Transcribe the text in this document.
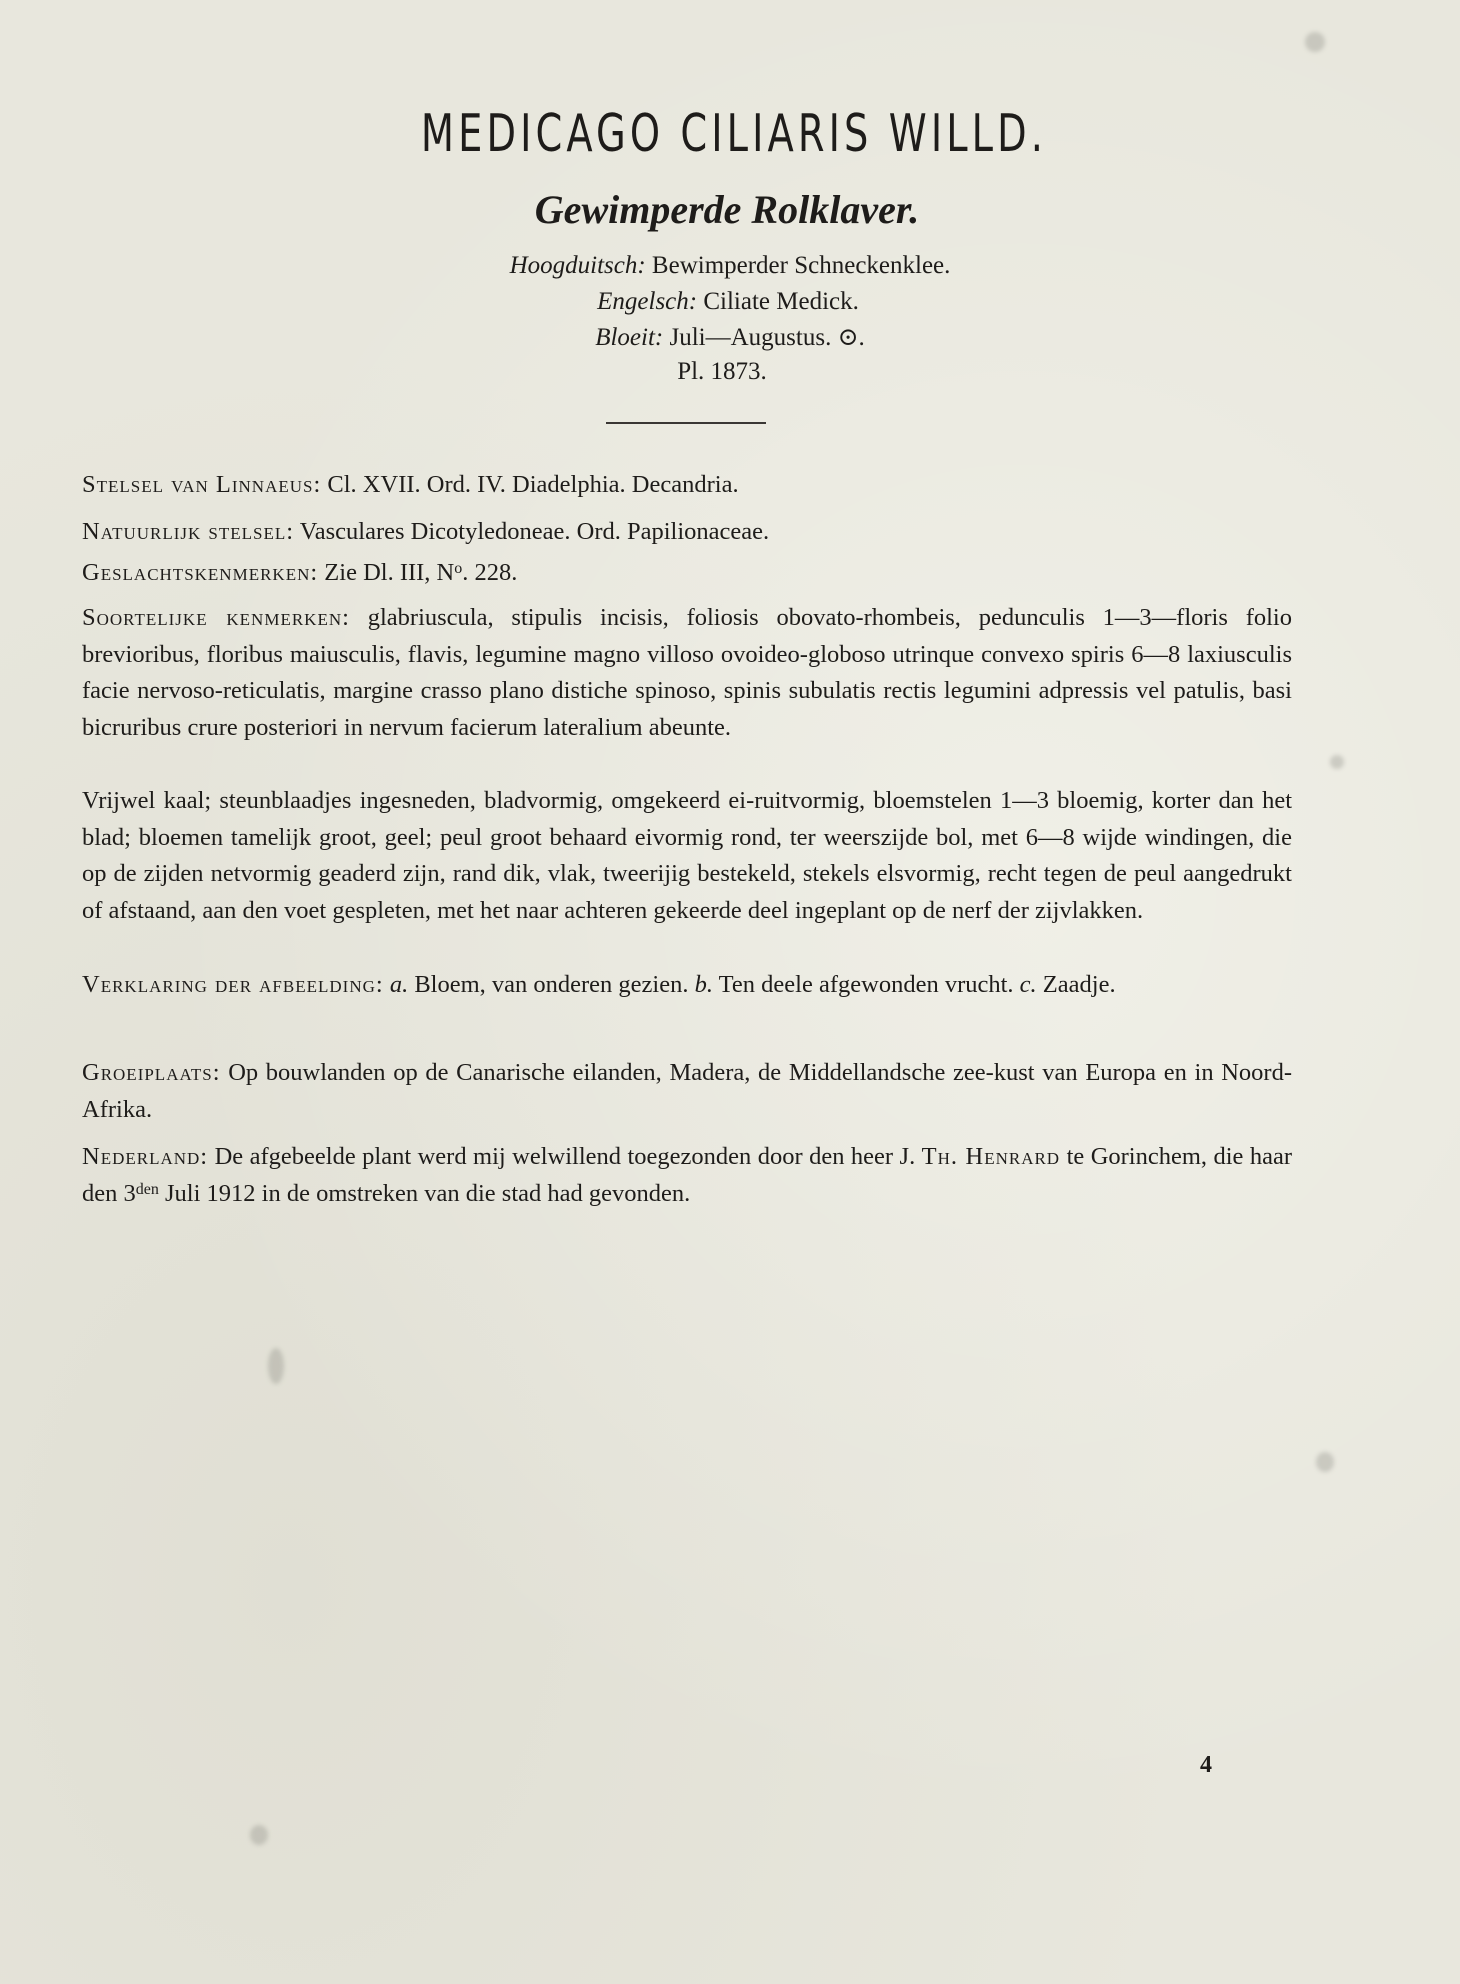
MEDICAGO CILIARIS WILLD.
Gewimperde Rolklaver.
Hoogduitsch: Bewimperder Schneckenklee.
Engelsch: Ciliate Medick.
Bloeit: Juli—Augustus. ⊙.
Pl. 1873.
Stelsel van Linnaeus: Cl. XVII. Ord. IV. Diadelphia. Decandria.
Natuurlijk stelsel: Vasculares Dicotyledoneae. Ord. Papilionaceae.
Geslachtskenmerken: Zie Dl. III, $N^o$. 228.
Soortelijke kenmerken: glabriuscula, stipulis incisis, foliosis obovato-rhombeis, pedunculis 1—3—floris folio brevioribus, floribus maiusculis, flavis, legumine magno villoso ovoideo-globoso utrinque convexo spiris 6—8 laxiusculis facie nervoso-reticulatis, margine crasso plano distiche spinoso, spinis subulatis rectis legumini adpressis vel patulis, basi bicruribus crure posteriori in nervum facierum lateralium abeunte.
Vrijwel kaal; steunblaadjes ingesneden, bladvormig, omgekeerd ei-ruitvormig, bloemstelen 1—3 bloemig, korter dan het blad; bloemen tamelijk groot, geel; peul groot behaard eivormig rond, ter weerszijde bol, met 6—8 wijde windingen, die op de zijden netvormig geaderd zijn, rand dik, vlak, tweerijig bestekeld, stekels elsvormig, recht tegen de peul aangedrukt of afstaand, aan den voet gespleten, met het naar achteren gekeerde deel ingeplant op de nerf der zijvlakken.
Verklaring der afbeelding: a. Bloem, van onderen gezien. b. Ten deele afgewonden vrucht. c. Zaadje.
Groeiplaats: Op bouwlanden op de Canarische eilanden, Madera, de Middellandsche zee-kust van Europa en in Noord-Afrika.
Nederland: De afgebeelde plant werd mij welwillend toegezonden door den heer J. Th. Henrard te Gorinchem, die haar den $3^{den}$ Juli 1912 in de omstreken van die stad had gevonden.
4
